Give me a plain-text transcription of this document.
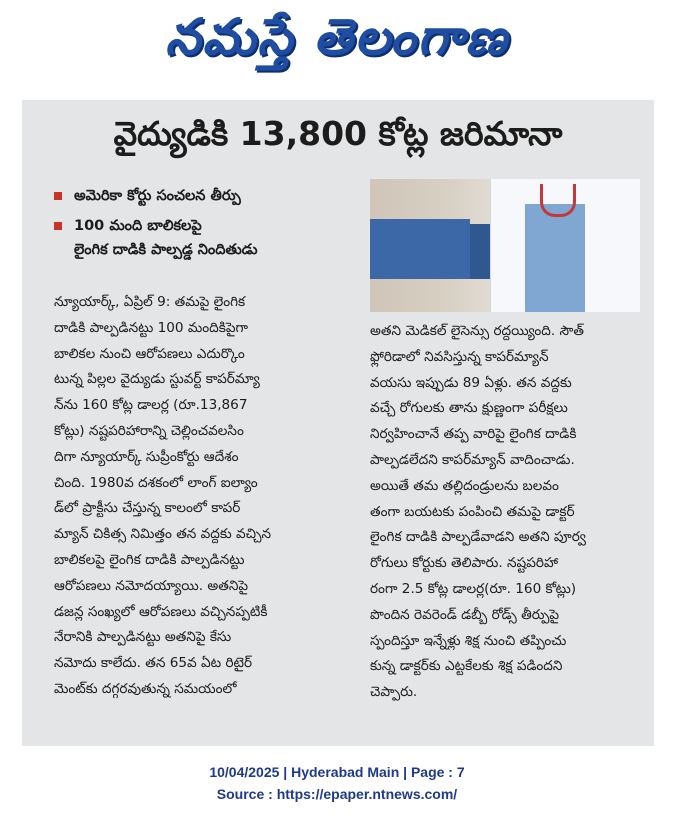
నమస్తే తెలంగాణ
వైద్యుడికి 13,800 కోట్ల జరిమానా
అమెరికా కోర్టు సంచలన తీర్పు
100 మంది బాలికలపై
లైంగిక దాడికి పాల్పడ్డ నిందితుడు
న్యూయార్క్, ఏప్రిల్ 9: తమపై లైంగిక
దాడికి పాల్పడినట్టు 100 మందికిపైగా
బాలికల నుంచి ఆరోపణలు ఎదుర్కొం
టున్న పిల్లల వైద్యుడు స్టువర్ట్ కాపర్‌మ్యా
న్‌ను 160 కోట్ల డాలర్ల (రూ.13,867
కోట్లు) నష్టపరిహారాన్ని చెల్లించవలసిం
దిగా న్యూయార్క్ సుప్రీంకోర్టు ఆదేశం
చింది. 1980వ దశకంలో లాంగ్ ఐల్యాం
డ్‌లో ప్రాక్టీసు చేస్తున్న కాలంలో కాపర్
మ్యాన్ చికిత్స నిమిత్తం తన వద్దకు వచ్చిన
బాలికలపై లైంగిక దాడికి పాల్పడినట్టు
ఆరోపణలు నమోదయ్యాయి. అతనిపై
డజన్ల సంఖ్యలో ఆరోపణలు వచ్చినప్పటికీ
నేరానికి పాల్పడినట్టు అతనిపై కేసు
నమోదు కాలేదు. తన 65వ ఏట రిటైర్
మెంట్‌కు దగ్గరవుతున్న సమయంలో
అతని మెడికల్ లైసెన్సు రద్దయ్యింది. సౌత్
ఫ్లోరిడాలో నివసిస్తున్న కాపర్‌మ్యాన్
వయసు ఇప్పుడు 89 ఏళ్లు. తన వద్దకు
వచ్చే రోగులకు తాను క్షుణ్ణంగా పరీక్షలు
నిర్వహించానే తప్ప వారిపై లైంగిక దాడికి
పాల్పడలేదని కాపర్‌మ్యాన్ వాదించాడు.
అయితే తమ తల్లిదండ్రులను బలవం
తంగా బయటకు పంపించి తమపై డాక్టర్
లైంగిక దాడికి పాల్పడేవాడని అతని పూర్వ
రోగులు కోర్టుకు తెలిపారు. నష్టపరిహా
రంగా 2.5 కోట్ల డాలర్ల(రూ. 160 కోట్లు)
పొందిన రెవరెండ్ డబ్బీ రోడ్స్ తీర్పుపై
స్పందిస్తూ ఇన్నేళ్లు శిక్ష నుంచి తప్పించు
కున్న డాక్టర్‌కు ఎట్టకేలకు శిక్ష పడిందని
చెప్పారు.
10/04/2025 | Hyderabad Main | Page : 7
Source : https://epaper.ntnews.com/
